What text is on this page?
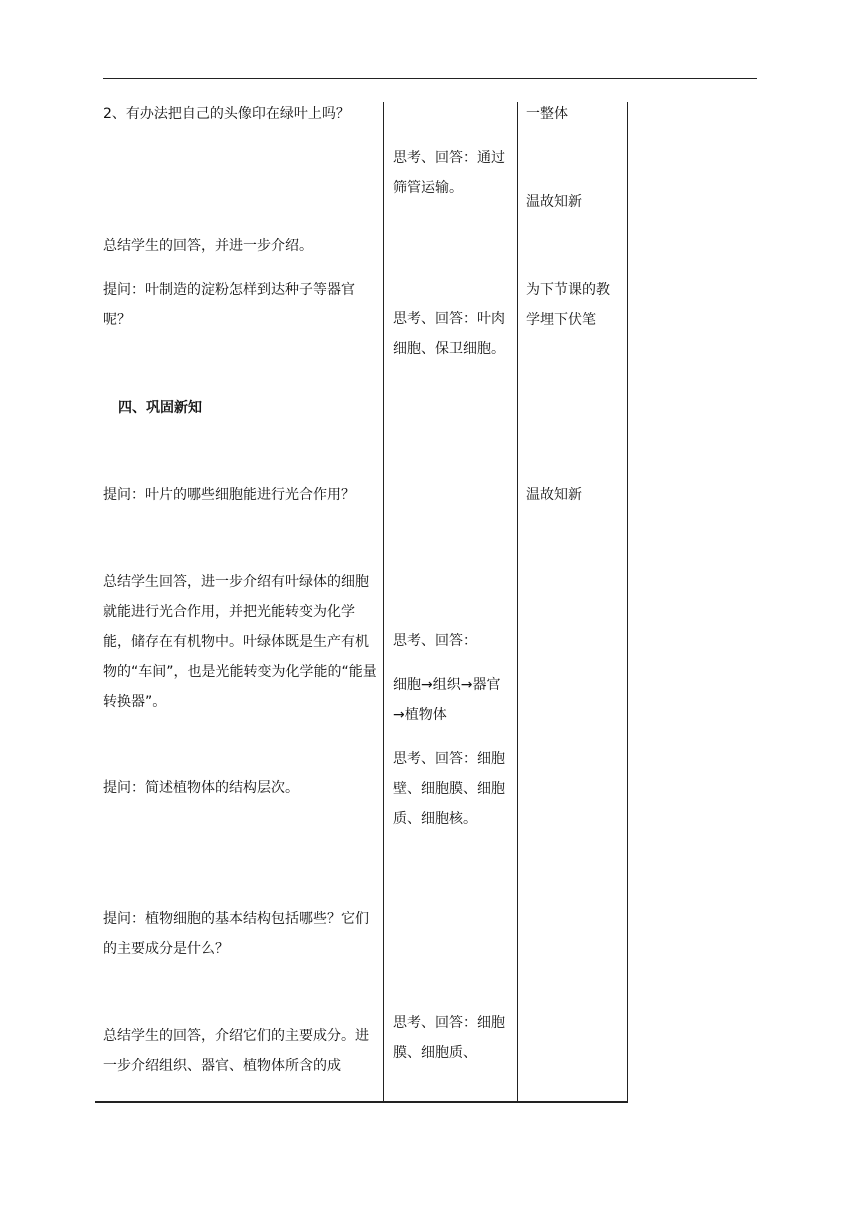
2、有办法把自己的头像印在绿叶上吗？
总结学生的回答，并进一步介绍。
提问：叶制造的淀粉怎样到达种子等器官呢？
四、巩固新知
提问：叶片的哪些细胞能进行光合作用？
总结学生回答，进一步介绍有叶绿体的细胞就能进行光合作用，并把光能转变为化学能，储存在有机物中。叶绿体既是生产有机物的“车间”，也是光能转变为化学能的“能量转换器”。
提问：简述植物体的结构层次。
提问：植物细胞的基本结构包括哪些？它们的主要成分是什么？
总结学生的回答，介绍它们的主要成分。进一步介绍组织、器官、植物体所含的成
思考、回答：通过筛管运输。
思考、回答：叶肉细胞、保卫细胞。
思考、回答：
细胞→组织→器官→植物体
思考、回答：细胞壁、细胞膜、细胞质、细胞核。
思考、回答：细胞膜、细胞质、
一整体
温故知新
为下节课的教学埋下伏笔
温故知新
